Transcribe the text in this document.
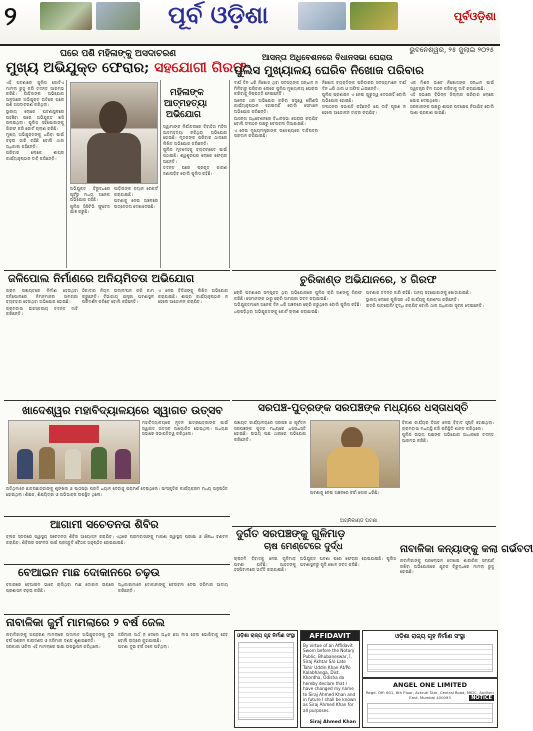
୨	ପୂର୍ବ ଓଡ଼ିଶା	ପୂର୍ବଓଡ଼ିଶା
ଭୁବନେଶ୍ୱର, ୨୫ ଜୁଲାଇ ୨୦୨୫
ଘରେ ପଶି ମହିଳାଙ୍କୁ ଅସଦାଚରଣ
ମୁଖ୍ୟ ଅଭିଯୁକ୍ତ ଫେରାର; ସହଯୋଗୀ ଗିରଫ

ଏହି ଘଟଣାରେ ପୁଲିସ ଗୋଟିଏ ମାମଲା ରୁଜୁ କରି ତଦନ୍ତ ଆରମ୍ଭ କରିଛି। ପୀଡ଼ିତାଙ୍କ ଅଭିଯୋଗ ଅନୁସାରେ ଅଭିଯୁକ୍ତ ରାତିରେ ଘରେ ପଶି ଅସଦାଚରଣ କରିଥିଲା।

ସ୍ଥାନୀୟ ଲୋକେ ଘଟଣାସ୍ଥଳରେ ପହଞ୍ଚିବା ପରେ ଅଭିଯୁକ୍ତ ଖସି ପଳାଇଥିଲା। ପୁଲିସ ସହଯୋଗୀଙ୍କୁ ଗିରଫ କରି କୋର୍ଟ ଚାଲାଣ କରିଛି।

ମୁଖ୍ୟ ଅଭିଯୁକ୍ତଙ୍କୁ ଧରିବା ପାଇଁ ଚଢ଼ଉ ଜାରି ରହିଛି ବୋଲି ଥାନା ଅଧିକାରୀ କହିଛନ୍ତି।

ପରିବାର ଲୋକେ ଶୀଘ୍ର କାର୍ଯ୍ୟାନୁଷ୍ଠାନ ଦାବି କରିଛନ୍ତି।

ଅଭିଯୁକ୍ତ ବିରୁଦ୍ଧରେ ପୂର୍ବରୁ ମଧ୍ୟ ଅନେକ ଅଭିଯୋଗ ରହିଛି।

ପୁଲିସ ସିସିଟିଭି ଫୁଟେଜ ଯାଞ୍ଚ କରୁଛି।

ପୀଡ଼ିତାଙ୍କ ବୟାନ ରେକର୍ଡ କରାଯାଇଛି।

ଘଟଣାକୁ ନେଇ ଅଞ୍ଚଳରେ ଉତ୍ତେଜନା ଦେଖାଦେଇଛି।

ମହିଳାଙ୍କ
ଆତ୍ମହତ୍ୟା
ଅଭିଯୋଗ

ସ୍ୱାମୀଙ୍କ ନିର୍ଯାତନାରେ ବିବାହିତା ମହିଳା ଆତ୍ମହତ୍ୟା କରିଥିବା ଅଭିଯୋଗ ହୋଇଛି। ମୃତକଙ୍କ ପରିବାର ଥାନାରେ ଲିଖିତ ଅଭିଯୋଗ କରିଛନ୍ତି।

ପୁଲିସ ମୃତଦେହକୁ ବ୍ୟବଚ୍ଛେଦ ପାଇଁ ପଠାଇଛି। ଶ୍ୱଶୁରଘର ଲୋକେ ଫେରାର ଅଛନ୍ତି।

ତଦନ୍ତ ପରେ ପ୍ରକୃତ କାରଣ ଜଣାପଡ଼ିବ ବୋଲି ପୁଲିସ କହିଛି।

ଆସନ୍ତା ଅଧିବେଶନରେ ବିଧାନସଭା ଘେରାଉ
ପୁଲିସ ମୁଖ୍ୟାଳୟ ଘେରିବ ନିଖୋଜ ପରିବାର

ଦୀର୍ଘ ଦିନ ଧରି ନିଖୋଜ ଥିବା ସଦସ୍ୟଙ୍କ ସନ୍ଧାନ ନ ମିଳିବାରୁ ପରିବାର ଲୋକେ ପୁଲିସ ମୁଖ୍ୟାଳୟ ଘେରାଉ କରିବାକୁ ନିଷ୍ପତ୍ତି ନେଇଛନ୍ତି।

ଅନେକ ଥର ଅଭିଯୋଗ କରିବା ସତ୍ତ୍ୱେ କୌଣସି କାର୍ଯ୍ୟାନୁଷ୍ଠାନ ହୋଇନାହିଁ ବୋଲି ସେମାନେ ଅଭିଯୋଗ କରିଛନ୍ତି।

ଆସନ୍ତା ଅଧିବେଶନରେ ବିଧାନସଭା ଘେରାଉ କରାଯିବ ବୋଲି ସଂଗଠନ ପକ୍ଷରୁ ଚେତାବନୀ ଦିଆଯାଇଛି।

ଏ ନେଇ ମୁଖ୍ୟମନ୍ତ୍ରୀଙ୍କ ଉଦ୍ଦେଶ୍ୟରେ ଦାବିପତ୍ର ପ୍ରଦାନ କରାଯାଇଛି।

ନିଖୋଜ ବ୍ୟକ୍ତିଙ୍କ ପରିବାରର ସଦସ୍ୟମାନେ ଦୀର୍ଘ ଦିନ ଧରି ଥାନା ଓ ଅଫିସ ଧାଁଉଛନ୍ତି।

ପୁଲିସ ପ୍ରଶାସନ ଏ ନେଇ ଗୁରୁତ୍ୱ ଦେଉନାହିଁ ବୋଲି ଅଭିଯୋଗ ହୋଇଛି।

ସଂଗଠନର ସଭାପତି କହିଛନ୍ତି ଯେ ଦାବି ପୂରଣ ନ ହେଲେ ଆନ୍ଦୋଳନ ତୀବ୍ର କରାଯିବ।

ଏକ ମିଶନ ଭାବେ ନିଖୋଜଙ୍କ ସନ୍ଧାନ ପାଇଁ ସ୍ୱତନ୍ତ୍ର ଟିମ ଗଠନ କରିବାକୁ ଦାବି କରାଯାଇଛି।

ଏହି ସଭାରେ ବିଭିନ୍ନ ଜିଲ୍ଲାର ପରିବାର ଲୋକେ ଯୋଗ ଦେଇଥିଲେ।

ସରକାରଙ୍କ ପକ୍ଷରୁ ଶୀଘ୍ର ପଦକ୍ଷେପ ନିଆଯିବ ବୋଲି ଆଶା ପ୍ରକାଶ ପାଇଛି।

ଜଳିପୋଲ ନିର୍ମାଣରେ ଅନିୟମିତତା ଅଭିଯୋଗ

ଗ୍ରାମ ପଞ୍ଚାୟତରେ ନିର୍ମାଣ ହେଉଥିବା ଜଳିପୋଲରେ ନିମ୍ନମାନର ସାମଗ୍ରୀ ବ୍ୟବହାର ହେଉଥିବା ଅଭିଯୋଗ ହୋଇଛି।

ଗ୍ରାମବାସୀ ଉଚ୍ଚସ୍ତରୀୟ ତଦନ୍ତ ଦାବି କରିଛନ୍ତି।

ଠିକାଦାର ନିୟମ ଉଲ୍ଲଂଘନ କରି କାମ କରୁଛନ୍ତି। ବିଭାଗୀୟ ଯନ୍ତ୍ରୀ ଘଟଣାସ୍ଥଳ ପରିଦର୍ଶନ କରିବେ ବୋଲି କହିଛନ୍ତି।

ଏ ନେଇ ବିଡିଓଙ୍କୁ ଲିଖିତ ଅଭିଯୋଗ କରାଯାଇଛି। ଶୀଘ୍ର କାର୍ଯ୍ୟାନୁଷ୍ଠାନ ନ ହେଲେ ଆନ୍ଦୋଳନ କରାଯିବ।

ଚୁରିକାଣ୍ଡ ଅଭିଯାନରେ, ୪ ଗିରଫ

ଚୋରି ଘଟଣାରେ ସମ୍ପୃକ୍ତ ଥିବା ଅଭିଯୋଗରେ ପୁଲିସ ଚାରି ଜଣଙ୍କୁ ଗିରଫ କରିଛି। ସେମାନଙ୍କ ଠାରୁ ଚୋରି ସାମଗ୍ରୀ ଜବତ କରାଯାଇଛି।

ଅଭିଯୁକ୍ତମାନେ ଅନେକ ଦିନ ଧରି ଅଞ୍ଚଳରେ ଚୋରି କରୁଥିଲେ ବୋଲି ପୁଲିସ କହିଛି।

ଧରାପଡ଼ିଥିବା ଅଭିଯୁକ୍ତଙ୍କୁ କୋର୍ଟ ଚାଲାଣ କରାଯାଇଛି।

ଘଟଣାର ତଦନ୍ତ ଜାରି ରହିଛି। ଅନ୍ୟ ସହଯୋଗୀଙ୍କୁ ଖୋଜାଯାଉଛି।

ସ୍ଥାନୀୟ ଲୋକେ ପୁଲିସର ଏହି କାର୍ଯ୍ୟକୁ ପ୍ରଶଂସା କରିଛନ୍ତି।

ରାତ୍ରି ପାଟ୍ରୋଲିଂ ବୃଦ୍ଧି କରାଯିବ ବୋଲି ଥାନା ଅଧିକାରୀ ସୂଚନା ଦେଇଛନ୍ତି।

ଖାଦେଶ୍ୱର ମହାବିଦ୍ୟାଳୟରେ ସ୍ୱାଗତ ଉତ୍ସବ

ମହାବିଦ୍ୟାଳୟରେ ନୂତନ ଛାତ୍ରଛାତ୍ରୀଙ୍କ ପାଇଁ ସ୍ୱାଗତ ଉତ୍ସବ ଆୟୋଜିତ ହୋଇଥିଲା। ଅଧ୍ୟକ୍ଷ ସଭାରେ ସଭାପତିତ୍ୱ କରିଥିଲେ।

ଅତିଥିମାନେ ଛାତ୍ରଛାତ୍ରୀଙ୍କୁ ଶୃଙ୍ଖଳା ଓ ପାଠପଢ଼ା ପ୍ରତି ଧ୍ୟାନ ଦେବାକୁ ପରାମର୍ଶ ଦେଇଥିଲେ। ସାଂସ୍କୃତିକ କାର୍ଯ୍ୟକ୍ରମ ମଧ୍ୟ ଅନୁଷ୍ଠିତ ହୋଇଥିଲା। ଶିକ୍ଷକ, ଶିକ୍ଷୟିତ୍ରୀ ଓ ଅଭିଭାବକ ଉପସ୍ଥିତ ଥିଲେ।

ଆଗାମୀ ସଚେତନତା ଶିବିର

ବ୍ଲକ ସ୍ତରରେ ସ୍ୱାସ୍ଥ୍ୟ ସଚେତନତା ଶିବିର ଆୟୋଜନ କରାଯିବ। ଏଥିରେ ଗ୍ରାମବାସୀଙ୍କୁ ମାଗଣା ସ୍ୱାସ୍ଥ୍ୟ ପରୀକ୍ଷା ଓ ଔଷଧ ବଣ୍ଟନ କରାଯିବ। ଶିବିରର ସଫଳତା ପାଇଁ ପ୍ରସ୍ତୁତି ବୈଠକ ଅନୁଷ୍ଠିତ ହୋଇଯାଇଛି।

ବେଆଇନ ମାଛ ଦୋକାନରେ ଚଢ଼ଉ

ବଜାରରେ ବେଆଇନ ଭାବେ ଚାଲିଥିବା ମାଛ ଦୋକାନ ଉପରେ ପ୍ରଶାସନ ଚଢ଼ଉ କରିଛି।

ଅଧିକାରୀମାନେ ଦୋକାନୀଙ୍କୁ ଚେତାବନୀ ଦେଇ ଜରିମାନା ଆଦାୟ କରିଛନ୍ତି।

ନାବାଳିକା ଜୁର୍ମ ମାମଲାରେ ୨ ବର୍ଷ ଜେଲ

ନାବାଳିକାଙ୍କୁ ଅପହରଣ ମାମଲାରେ ଅଦାଲତ ଅଭିଯୁକ୍ତଙ୍କୁ ଦୁଇ ବର୍ଷ ସଶ୍ରମ କାରାଦଣ୍ଡ ଓ ଜରିମାନା ଦଣ୍ଡ ଶୁଣାଇଛନ୍ତି।

ସରକାରୀ ଓକିଲ ଏହି ମାମଲାରେ ସାକ୍ଷୀ ଉପସ୍ଥାପନ କରିଥିଲେ।

ଜରିମାନା ଅର୍ଥ ନ ଦେଲେ ଅଧିକ ଛଅ ମାସ ଜେଲ ଭୋଗିବାକୁ ହେବ ବୋଲି ରାୟରେ କୁହାଯାଇଛି।

ଘଟଣା ଦୁଇ ବର୍ଷ ତଳେ ଘଟିଥିଲା।

ସରପଞ୍ଚ-ପୁତ୍ରଙ୍କ ସରପଞ୍ଚଙ୍କ ମଧ୍ୟରେ ଧସ୍ତାଧସ୍ତି

ପଞ୍ଚାୟତ କାର୍ଯ୍ୟାଳୟରେ ସରପଞ୍ଚ ଓ ପୂର୍ବତନ ସରପଞ୍ଚଙ୍କ ପୁତ୍ର ମଧ୍ୟରେ ଧସ୍ତାଧସ୍ତି ହୋଇଛି। ଉଭୟ ପକ୍ଷ ଥାନାରେ ଅଭିଯୋଗ କରିଛନ୍ତି।

ବିକାଶ କାର୍ଯ୍ୟର ହିସାବ ନେଇ ବିବାଦ ସୃଷ୍ଟି ହୋଇଥିଲା। ଗ୍ରାମବାସୀ ମଧ୍ୟସ୍ଥି କରି ପରିସ୍ଥିତି ଶାନ୍ତ କରିଥିଲେ।

ପୁଲିସ ଉଭୟ ପକ୍ଷଙ୍କ ଅଭିଯୋଗ ଆଧାରରେ ତଦନ୍ତ ଆରମ୍ଭ କରିଛି।

ଘଟଣାକୁ ନେଇ ଅଞ୍ଚଳରେ ଚର୍ଚ୍ଚା ଜୋର ଧରିଛି।

ଅଗ୍ନିକାଣ୍ଡ ଘଟଣା
ଦୁର୍ଗତ ସରପଞ୍ଚଙ୍କୁ ଗୁଳିମାଡ଼
ଚାଷ ମେଣ୍ଟେରେ ଦୁର୍ଦ୍ଧ

ଚାଷଜମି ବିବାଦକୁ ନେଇ ଗୁଳିମାଡ଼ ଘଟଣା ଘଟିଛି। ଆହତଙ୍କୁ ହସ୍ପିଟାଲରେ ଭର୍ତ୍ତି କରାଯାଇଛି।

ଅଭିଯୁକ୍ତ ଘଟଣା ପରେ ଫେରାର ହୋଇଯାଇଛି। ପୁଲିସ ଘଟଣାସ୍ଥଳରୁ ଗୁଳି ଖୋଳ ଜବତ କରିଛି।

ନାବାଳିକା କନ୍ୟାଙ୍କୁ କଲା ଗର୍ଭବତୀ

ନାବାଳିକାଙ୍କୁ ପ୍ରଲୋଭନ ଦେଖାଇ ଶାରୀରିକ ସମ୍ପର୍କ ରଖିବା ଅଭିଯୋଗରେ ଯୁବକ ବିରୁଦ୍ଧରେ ମାମଲା ରୁଜୁ ହୋଇଛି।

AFFIDAVIT
By virtue of an Affidavit Sworn before the Notary Public, Bhubaneswar, I, Siraj Akhtar S/o Late Tahir Uddin Khan At/Po Kalabhanga, Dist. Khordha, Odisha do hereby declare that I have changed my name to Siraj Ahmed Khan and in future I shall be known as Siraj Ahmed Khan for all purposes.
Siraj Ahmed Khan
ଓଡ଼ିଶା ରାଜ୍ୟ ଗୃହ ନିର୍ମାଣ ସଂସ୍ଥା
ANGEL ONE LIMITED
Regd. Off: 601, 6th Floor, Ackruti Star, Central Road, MIDC, Andheri East, Mumbai 400093	NOTICE
ଓଡ଼ିଶା ରାଜ୍ୟ ଗୃହ ନିର୍ମାଣ ସଂସ୍ଥା
